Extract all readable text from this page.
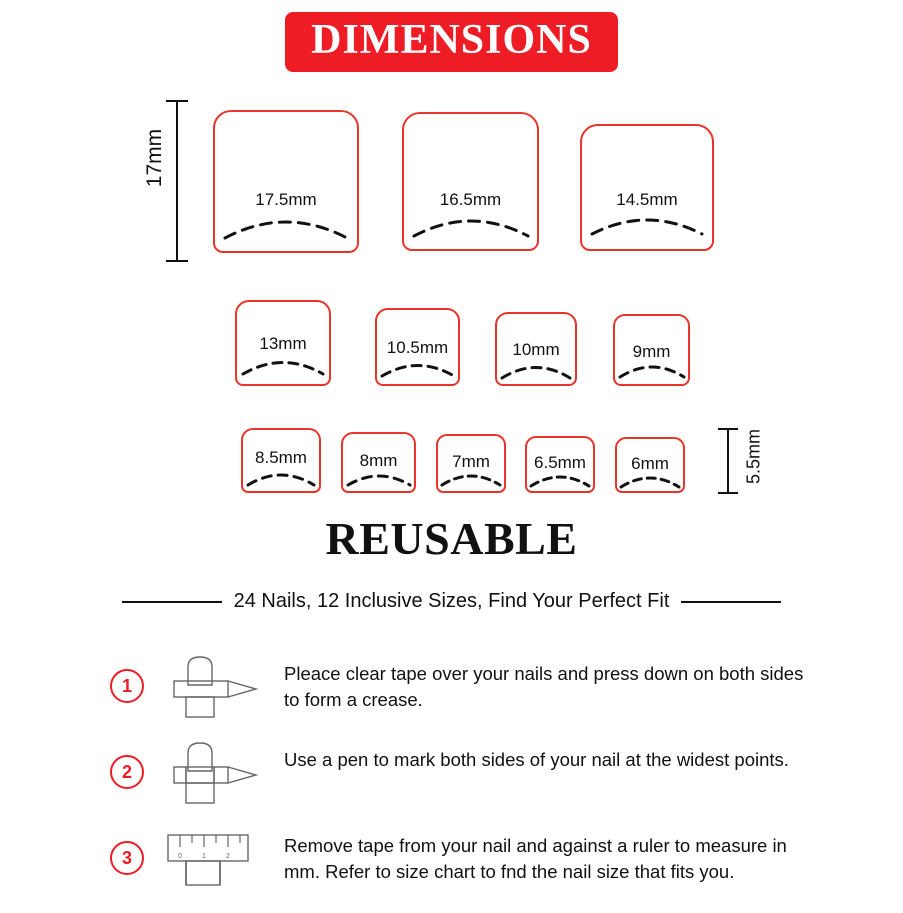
DIMENSIONS
17mm
5.5mm
17.5mm	16.5mm	14.5mm
13mm	10.5mm	10mm	9mm
8.5mm	8mm	7mm	6.5mm	6mm
REUSABLE
24 Nails, 12 Inclusive Sizes, Find Your Perfect Fit
1
Pleace clear tape over your nails and press down on both sides to form a crease.
2
Use a pen to mark both sides of your nail at the widest points.
3	0	1	2
Remove tape from your nail and against a ruler to measure in mm. Refer to size chart to fnd the nail size that fits you.
